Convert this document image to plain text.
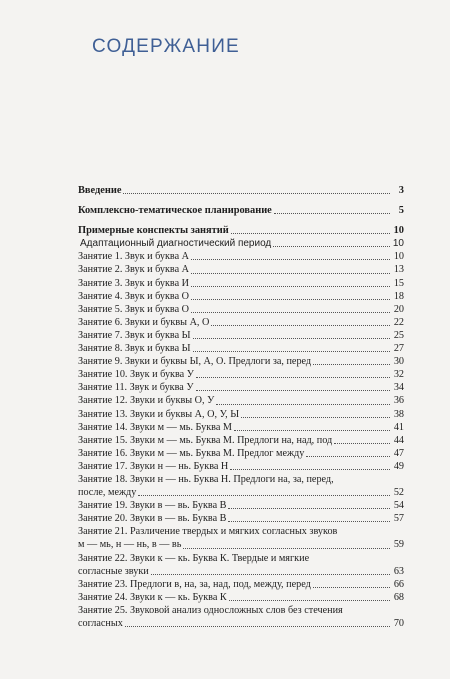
СОДЕРЖАНИЕ
Введение	3
Комплексно-тематическое планирование	5
Примерные конспекты занятий	10
Адаптационный диагностический период	10
Занятие 1. Звук и буква А	10
Занятие 2. Звук и буква А	13
Занятие 3. Звук и буква И	15
Занятие 4. Звук и буква О	18
Занятие 5. Звук и буква О	20
Занятие 6. Звуки и буквы А, О	22
Занятие 7. Звук и буква Ы	25
Занятие 8. Звук и буква Ы	27
Занятие 9. Звуки и буквы Ы, А, О. Предлоги за, перед	30
Занятие 10. Звук и буква У	32
Занятие 11. Звук и буква У	34
Занятие 12. Звуки и буквы О, У	36
Занятие 13. Звуки и буквы А, О, У, Ы	38
Занятие 14. Звуки м — мь. Буква М	41
Занятие 15. Звуки м — мь. Буква М. Предлоги на, над, под	44
Занятие 16. Звуки м — мь. Буква М. Предлог между	47
Занятие 17. Звуки н — нь. Буква Н	49
Занятие 18. Звуки н — нь. Буква Н. Предлоги на, за, перед,
после, между	52
Занятие 19. Звуки в — вь. Буква В	54
Занятие 20. Звуки в — вь. Буква В	57
Занятие 21. Различение твердых и мягких согласных звуков
м — мь, н — нь, в — вь	59
Занятие 22. Звуки к — кь. Буква К. Твердые и мягкие
согласные звуки	63
Занятие 23. Предлоги в, на, за, над, под, между, перед	66
Занятие 24. Звуки к — кь. Буква К	68
Занятие 25. Звуковой анализ односложных слов без стечения
согласных	70
